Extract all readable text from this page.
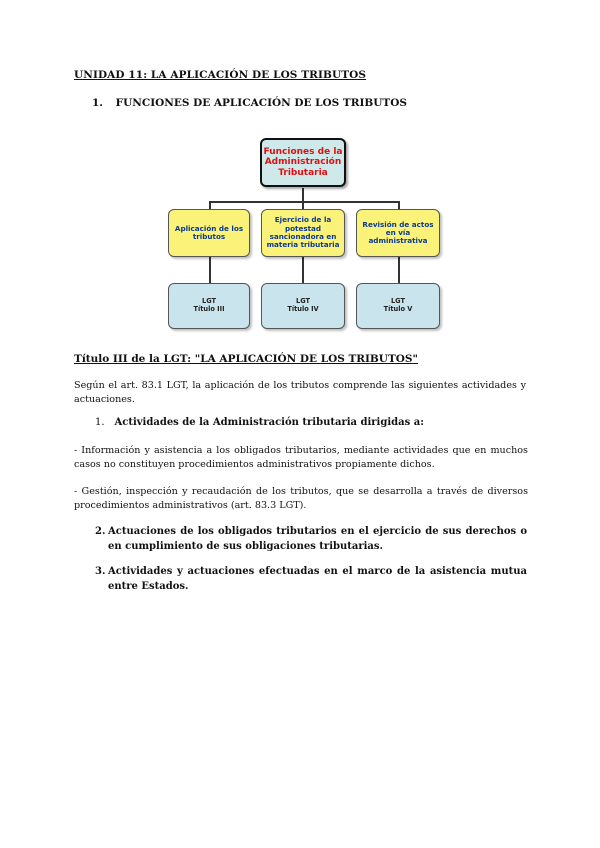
UNIDAD 11: LA APLICACIÓN DE LOS TRIBUTOS
1. FUNCIONES DE APLICACIÓN DE LOS TRIBUTOS
Funciones de la Administración Tributaria
Aplicación de los tributos
Ejercicio de la potestad sancionadora en materia tributaria
Revisión de actos en vía administrativa
LGT
Título III
LGT
Título IV
LGT
Título V
Título III de la LGT: "LA APLICACIÓN DE LOS TRIBUTOS"
Según el art. 83.1 LGT, la aplicación de los tributos comprende las siguientes actividades y actuaciones.
1. Actividades de la Administración tributaria dirigidas a:
- Información y asistencia a los obligados tributarios, mediante actividades que en muchos casos no constituyen procedimientos administrativos propiamente dichos.
- Gestión, inspección y recaudación de los tributos, que se desarrolla a través de diversos procedimientos administrativos (art. 83.3 LGT).
2. Actuaciones de los obligados tributarios en el ejercicio de sus derechos o en cumplimiento de sus obligaciones tributarias.
3. Actividades y actuaciones efectuadas en el marco de la asistencia mutua entre Estados.
